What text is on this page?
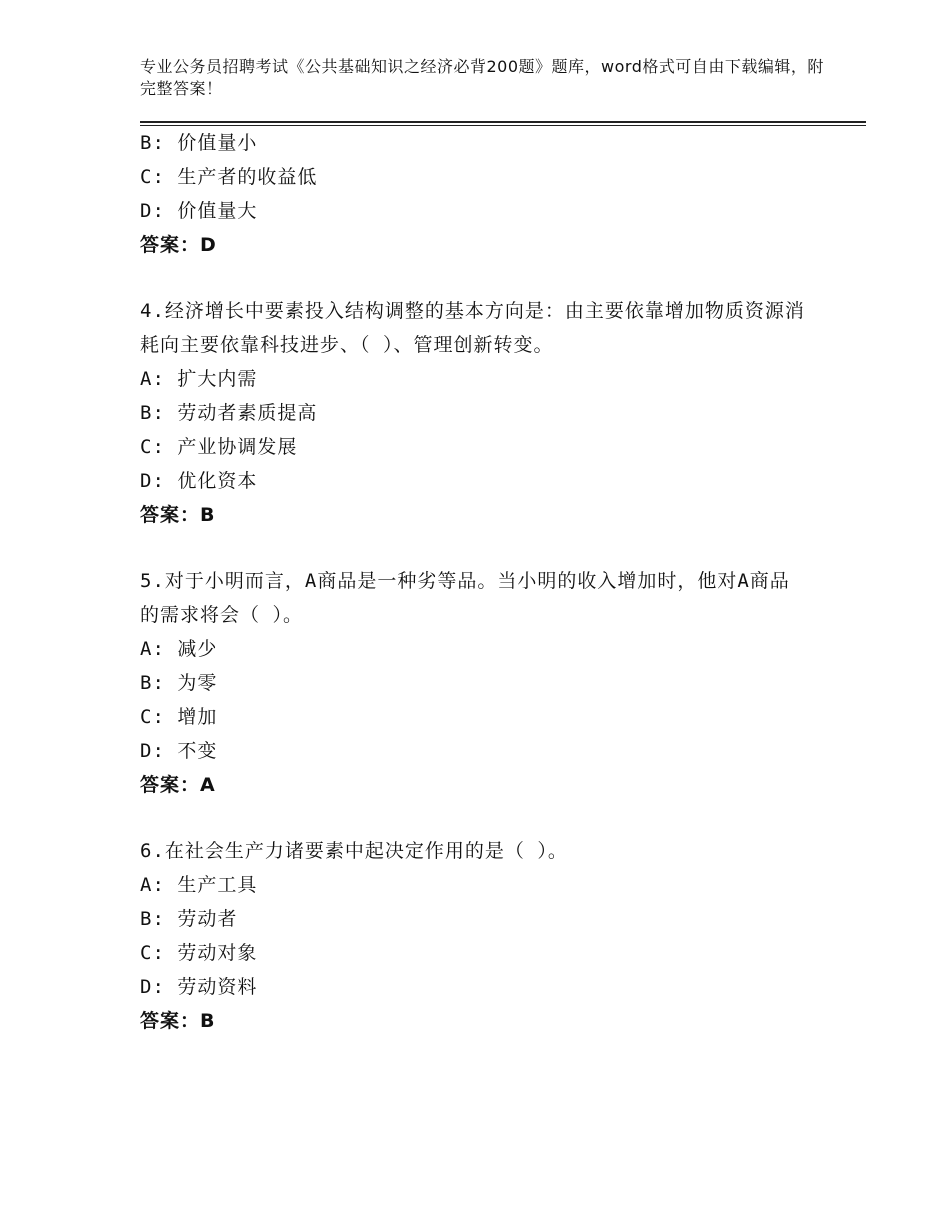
专业公务员招聘考试《公共基础知识之经济必背200题》题库，word格式可自由下载编辑，附完整答案！
B: 价值量小
C: 生产者的收益低
D: 价值量大
答案：D
4.经济增长中要素投入结构调整的基本方向是：由主要依靠增加物质资源消耗向主要依靠科技进步、（ ）、管理创新转变。
A: 扩大内需
B: 劳动者素质提高
C: 产业协调发展
D: 优化资本
答案：B
5.对于小明而言，A商品是一种劣等品。当小明的收入增加时，他对A商品的需求将会（ ）。
A: 减少
B: 为零
C: 增加
D: 不变
答案：A
6.在社会生产力诸要素中起决定作用的是（ ）。
A: 生产工具
B: 劳动者
C: 劳动对象
D: 劳动资料
答案：B
